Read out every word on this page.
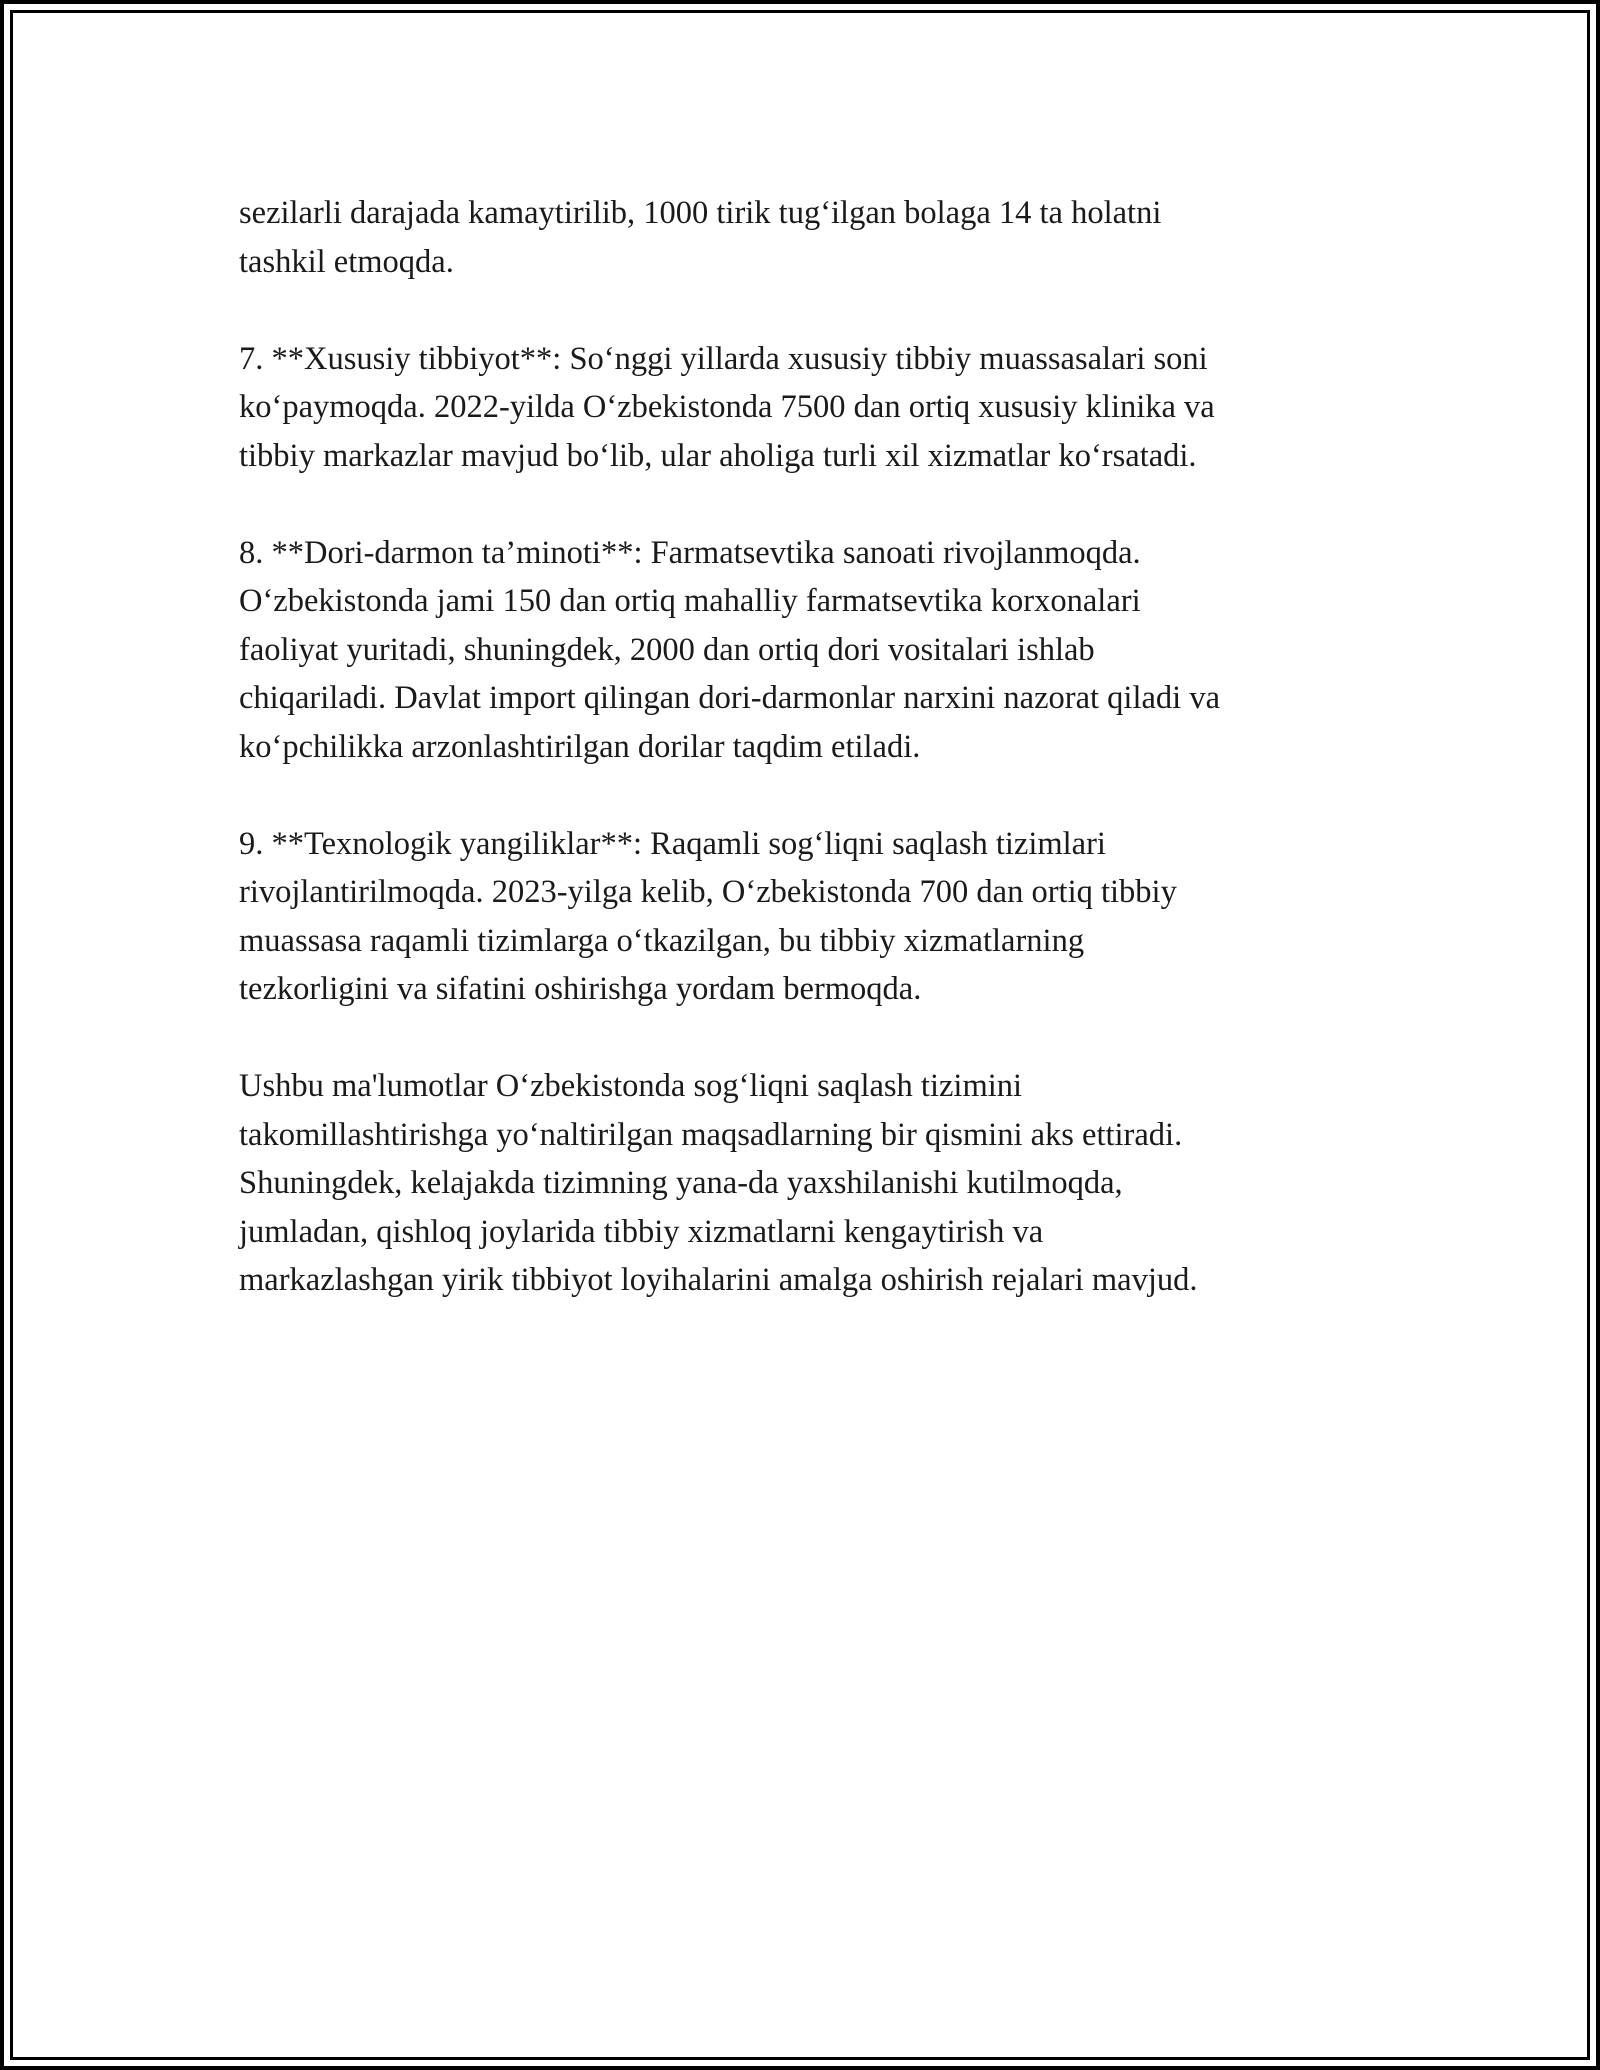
sezilarli darajada kamaytirilib, 1000 tirik tug‘ilgan bolaga 14 ta holatni
tashkil etmoqda.

7. **Xususiy tibbiyot**: So‘nggi yillarda xususiy tibbiy muassasalari soni
ko‘paymoqda. 2022-yilda O‘zbekistonda 7500 dan ortiq xususiy klinika va
tibbiy markazlar mavjud bo‘lib, ular aholiga turli xil xizmatlar ko‘rsatadi.

8. **Dori-darmon ta’minoti**: Farmatsevtika sanoati rivojlanmoqda.
O‘zbekistonda jami 150 dan ortiq mahalliy farmatsevtika korxonalari
faoliyat yuritadi, shuningdek, 2000 dan ortiq dori vositalari ishlab
chiqariladi. Davlat import qilingan dori-darmonlar narxini nazorat qiladi va
ko‘pchilikka arzonlashtirilgan dorilar taqdim etiladi.

9. **Texnologik yangiliklar**: Raqamli sog‘liqni saqlash tizimlari
rivojlantirilmoqda. 2023-yilga kelib, O‘zbekistonda 700 dan ortiq tibbiy
muassasa raqamli tizimlarga o‘tkazilgan, bu tibbiy xizmatlarning
tezkorligini va sifatini oshirishga yordam bermoqda.

Ushbu ma'lumotlar O‘zbekistonda sog‘liqni saqlash tizimini
takomillashtirishga yo‘naltirilgan maqsadlarning bir qismini aks ettiradi.
Shuningdek, kelajakda tizimning yana-da yaxshilanishi kutilmoqda,
jumladan, qishloq joylarida tibbiy xizmatlarni kengaytirish va
markazlashgan yirik tibbiyot loyihalarini amalga oshirish rejalari mavjud.
